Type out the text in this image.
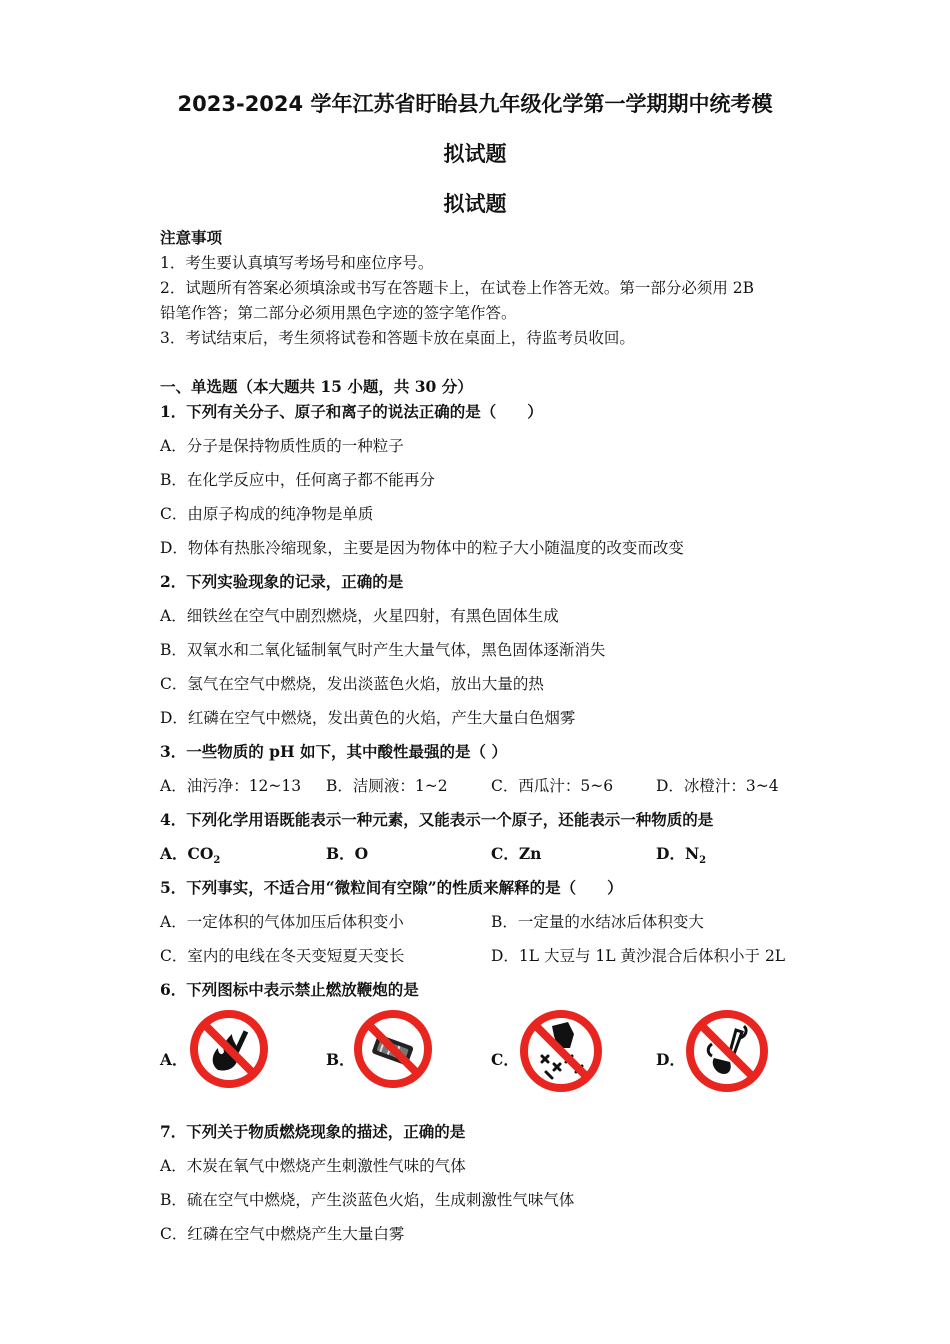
2023-2024 学年江苏省盱眙县九年级化学第一学期期中统考模
拟试题
拟试题
注意事项
1．考生要认真填写考场号和座位序号。
2．试题所有答案必须填涂或书写在答题卡上，在试卷上作答无效。第一部分必须用 2B
铅笔作答；第二部分必须用黑色字迹的签字笔作答。
3．考试结束后，考生须将试卷和答题卡放在桌面上，待监考员收回。
一、单选题（本大题共 15 小题，共 30 分）
1．下列有关分子、原子和离子的说法正确的是（　　）
A．分子是保持物质性质的一种粒子
B．在化学反应中，任何离子都不能再分
C．由原子构成的纯净物是单质
D．物体有热胀冷缩现象，主要是因为物体中的粒子大小随温度的改变而改变
2．下列实验现象的记录，正确的是
A．细铁丝在空气中剧烈燃烧，火星四射，有黑色固体生成
B．双氧水和二氧化锰制氧气时产生大量气体，黑色固体逐渐消失
C．氢气在空气中燃烧，发出淡蓝色火焰，放出大量的热
D．红磷在空气中燃烧，发出黄色的火焰，产生大量白色烟雾
3．一些物质的 pH 如下，其中酸性最强的是（ ）
A．油污净：12~13 B．洁厕液：1~2	C．西瓜汁：5~6	D．冰橙汁：3~4
4．下列化学用语既能表示一种元素，又能表示一个原子，还能表示一种物质的是
A．$CO_2$	B．O	C．Zn	D．$N_2$
5．下列事实，不适合用“微粒间有空隙”的性质来解释的是（　　）
A．一定体积的气体加压后体积变小	B．一定量的水结冰后体积变大
C．室内的电线在冬天变短夏天变长	D．1L 大豆与 1L 黄沙混合后体积小于 2L
6．下列图标中表示禁止燃放鞭炮的是
A．	B．	C．	D．
7．下列关于物质燃烧现象的描述，正确的是
A．木炭在氧气中燃烧产生刺激性气味的气体
B．硫在空气中燃烧，产生淡蓝色火焰，生成刺激性气味气体
C．红磷在空气中燃烧产生大量白雾
